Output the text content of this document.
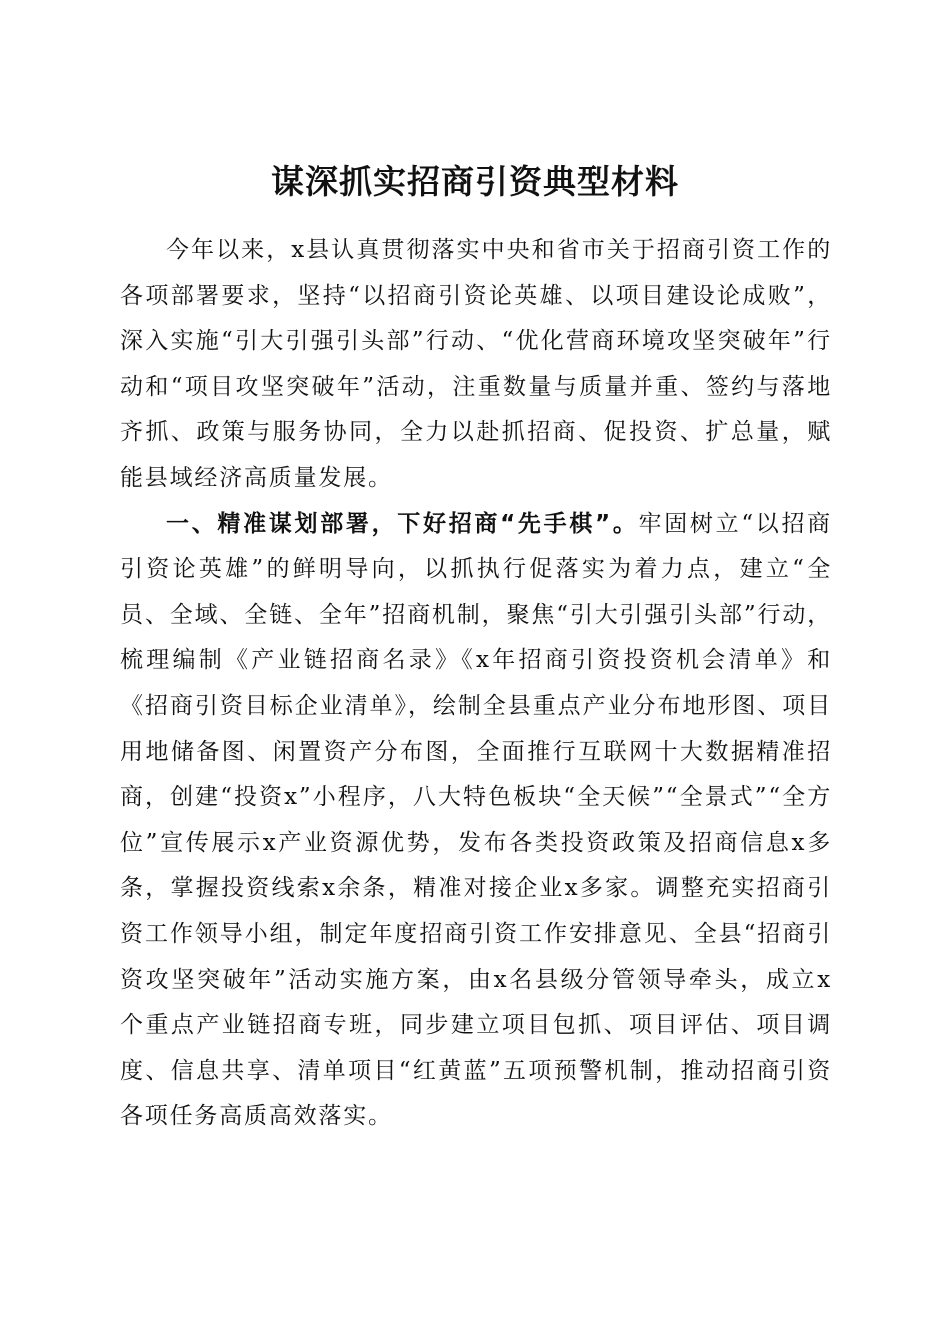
谋深抓实招商引资典型材料

今年以来，x县认真贯彻落实中央和省市关于招商引资工作的各项部署要求，坚持“以招商引资论英雄、以项目建设论成败”，深入实施“引大引强引头部”行动、“优化营商环境攻坚突破年”行动和“项目攻坚突破年”活动，注重数量与质量并重、签约与落地齐抓、政策与服务协同，全力以赴抓招商、促投资、扩总量，赋能县域经济高质量发展。

一、精准谋划部署，下好招商“先手棋”。牢固树立“以招商引资论英雄”的鲜明导向，以抓执行促落实为着力点，建立“全员、全域、全链、全年”招商机制，聚焦“引大引强引头部”行动，梳理编制《产业链招商名录》《x年招商引资投资机会清单》和《招商引资目标企业清单》，绘制全县重点产业分布地形图、项目用地储备图、闲置资产分布图，全面推行互联网十大数据精准招商，创建“投资x”小程序，八大特色板块“全天候”“全景式”“全方位”宣传展示x产业资源优势，发布各类投资政策及招商信息x多条，掌握投资线索x余条，精准对接企业x多家。调整充实招商引资工作领导小组，制定年度招商引资工作安排意见、全县“招商引资攻坚突破年”活动实施方案，由x名县级分管领导牵头，成立x个重点产业链招商专班，同步建立项目包抓、项目评估、项目调度、信息共享、清单项目“红黄蓝”五项预警机制，推动招商引资各项任务高质高效落实。
